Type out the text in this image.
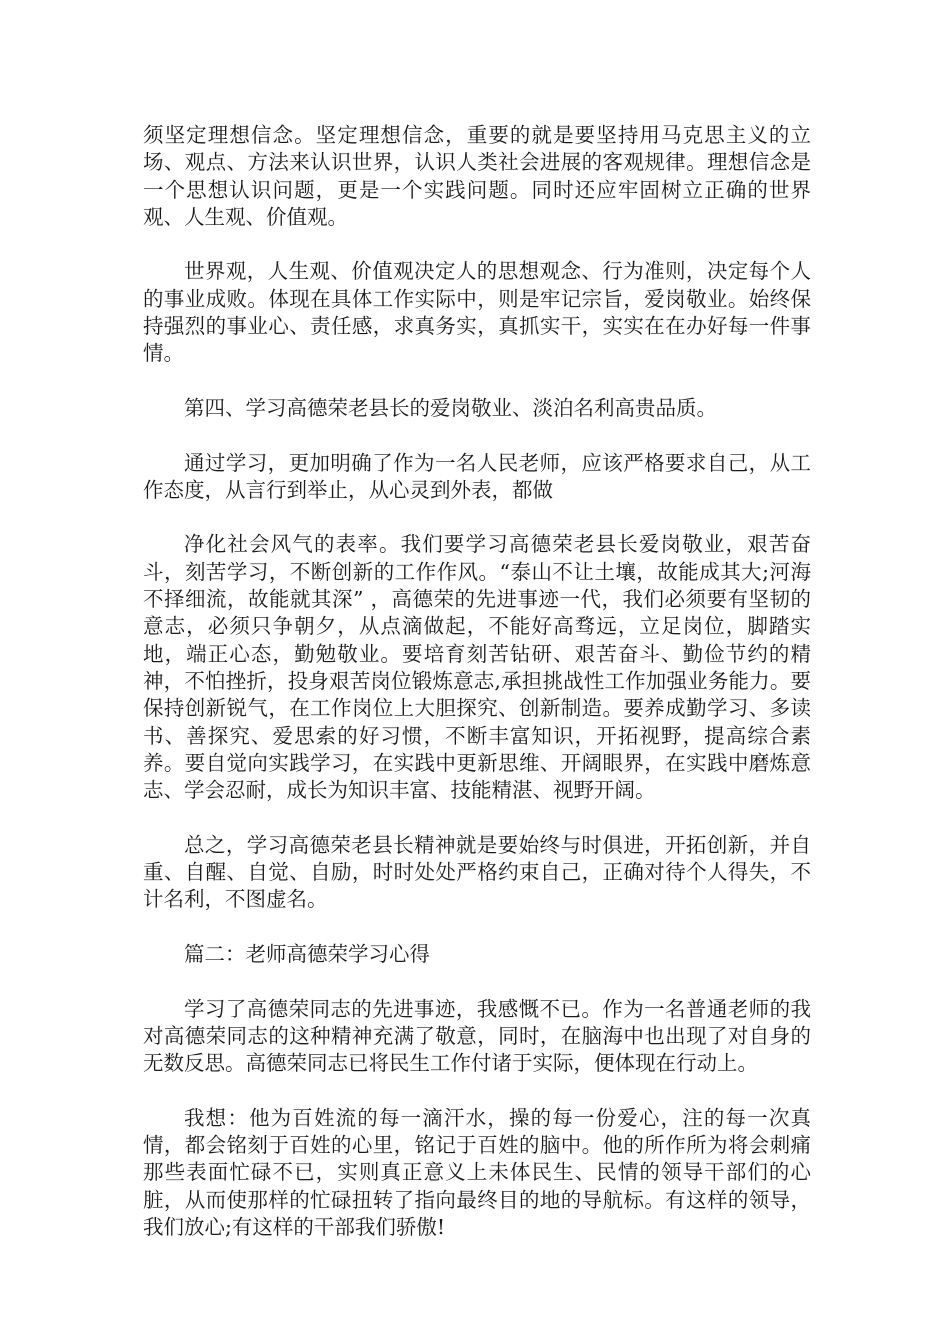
须坚定理想信念。坚定理想信念，重要的就是要坚持用马克思主义的立场、观点、方法来认识世界，认识人类社会进展的客观规律。理想信念是一个思想认识问题，更是一个实践问题。同时还应牢固树立正确的世界观、人生观、价值观。

世界观，人生观、价值观决定人的思想观念、行为准则，决定每个人的事业成败。体现在具体工作实际中，则是牢记宗旨，爱岗敬业。始终保持强烈的事业心、责任感，求真务实，真抓实干，实实在在办好每一件事情。

第四、学习高德荣老县长的爱岗敬业、淡泊名利高贵品质。

通过学习，更加明确了作为一名人民老师，应该严格要求自己，从工作态度，从言行到举止，从心灵到外表，都做

净化社会风气的表率。我们要学习高德荣老县长爱岗敬业，艰苦奋斗，刻苦学习，不断创新的工作作风。“泰山不让土壤，故能成其大;河海不择细流，故能就其深” ，高德荣的先进事迹一代，我们必须要有坚韧的意志，必须只争朝夕，从点滴做起，不能好高骛远，立足岗位，脚踏实地，端正心态，勤勉敬业。要培育刻苦钻研、艰苦奋斗、勤俭节约的精神，不怕挫折，投身艰苦岗位锻炼意志,承担挑战性工作加强业务能力。要保持创新锐气，在工作岗位上大胆探究、创新制造。要养成勤学习、多读书、善探究、爱思索的好习惯，不断丰富知识，开拓视野，提高综合素养。要自觉向实践学习，在实践中更新思维、开阔眼界，在实践中磨炼意志、学会忍耐，成长为知识丰富、技能精湛、视野开阔。

总之，学习高德荣老县长精神就是要始终与时俱进，开拓创新，并自重、自醒、自觉、自励，时时处处严格约束自己，正确对待个人得失，不计名利，不图虚名。

篇二：老师高德荣学习心得

学习了高德荣同志的先进事迹，我感慨不已。作为一名普通老师的我对高德荣同志的这种精神充满了敬意，同时，在脑海中也出现了对自身的无数反思。高德荣同志已将民生工作付诸于实际，便体现在行动上。

我想：他为百姓流的每一滴汗水，操的每一份爱心，注的每一次真情，都会铭刻于百姓的心里，铭记于百姓的脑中。他的所作所为将会刺痛那些表面忙碌不已，实则真正意义上未体民生、民情的领导干部们的心脏，从而使那样的忙碌扭转了指向最终目的地的导航标。有这样的领导，我们放心;有这样的干部我们骄傲!
